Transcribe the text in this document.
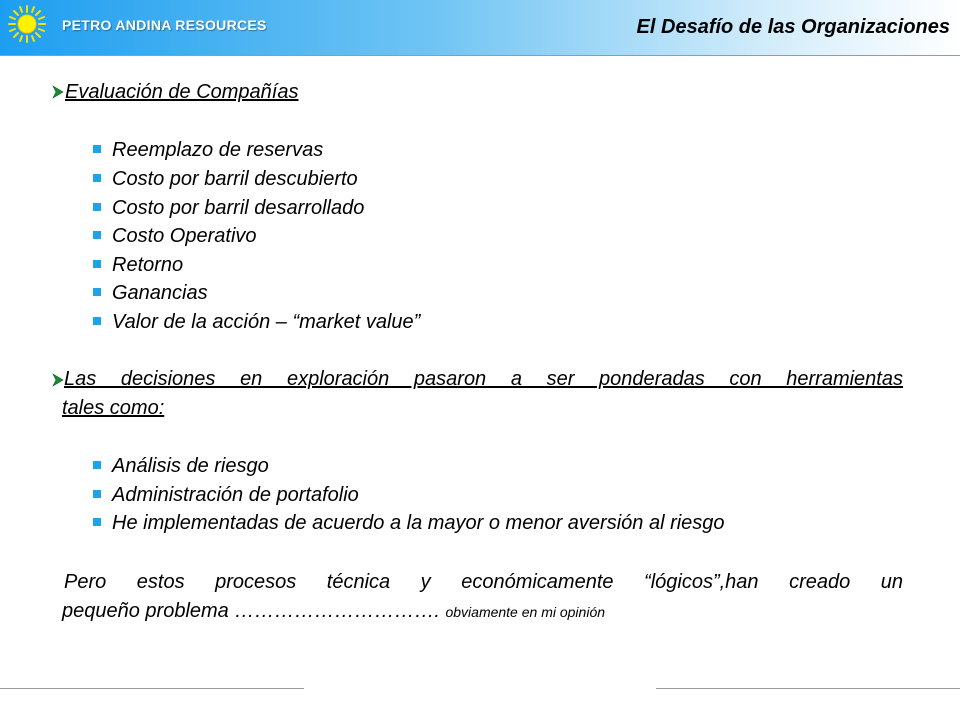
PETRO ANDINA RESOURCES	El Desafío de las Organizaciones
Evaluación de Compañías
Reemplazo de reservas
Costo por barril descubierto
Costo por barril desarrollado
Costo Operativo
Retorno
Ganancias
Valor de la acción – “market value”
Las decisiones en exploración pasaron a ser ponderadas con herramientas
tales como:
Análisis de riesgo
Administración de portafolio
He implementadas de acuerdo a la mayor o menor aversión al riesgo
Pero estos procesos técnica y económicamente “lógicos”,han creado un
pequeño problema …………………………. obviamente en mi opinión
